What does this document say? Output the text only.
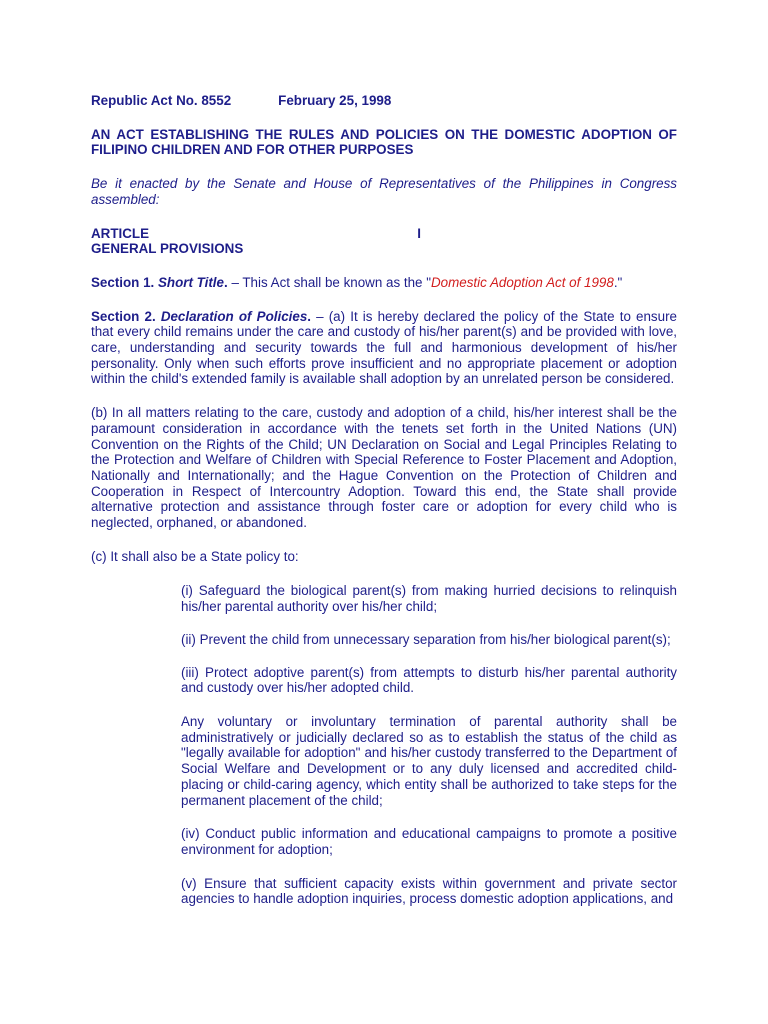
Republic Act No. 8552	February 25, 1998

AN ACT ESTABLISHING THE RULES AND POLICIES ON THE DOMESTIC ADOPTION OF FILIPINO CHILDREN AND FOR OTHER PURPOSES

Be it enacted by the Senate and House of Representatives of the Philippines in Congress assembled:

ARTICLE	I

GENERAL PROVISIONS

Section 1. Short Title. – This Act shall be known as the "Domestic Adoption Act of 1998."

Section 2. Declaration of Policies. – (a) It is hereby declared the policy of the State to ensure that every child remains under the care and custody of his/her parent(s) and be provided with love, care, understanding and security towards the full and harmonious development of his/her personality. Only when such efforts prove insufficient and no appropriate placement or adoption within the child's extended family is available shall adoption by an unrelated person be considered.

(b) In all matters relating to the care, custody and adoption of a child, his/her interest shall be the paramount consideration in accordance with the tenets set forth in the United Nations (UN) Convention on the Rights of the Child; UN Declaration on Social and Legal Principles Relating to the Protection and Welfare of Children with Special Reference to Foster Placement and Adoption, Nationally and Internationally; and the Hague Convention on the Protection of Children and Cooperation in Respect of Intercountry Adoption. Toward this end, the State shall provide alternative protection and assistance through foster care or adoption for every child who is neglected, orphaned, or abandoned.

(c) It shall also be a State policy to:

(i) Safeguard the biological parent(s) from making hurried decisions to relinquish his/her parental authority over his/her child;

(ii) Prevent the child from unnecessary separation from his/her biological parent(s);

(iii) Protect adoptive parent(s) from attempts to disturb his/her parental authority and custody over his/her adopted child.

Any voluntary or involuntary termination of parental authority shall be administratively or judicially declared so as to establish the status of the child as "legally available for adoption" and his/her custody transferred to the Department of Social Welfare and Development or to any duly licensed and accredited child-placing or child-caring agency, which entity shall be authorized to take steps for the permanent placement of the child;

(iv) Conduct public information and educational campaigns to promote a positive environment for adoption;

(v) Ensure that sufficient capacity exists within government and private sector agencies to handle adoption inquiries, process domestic adoption applications, and
